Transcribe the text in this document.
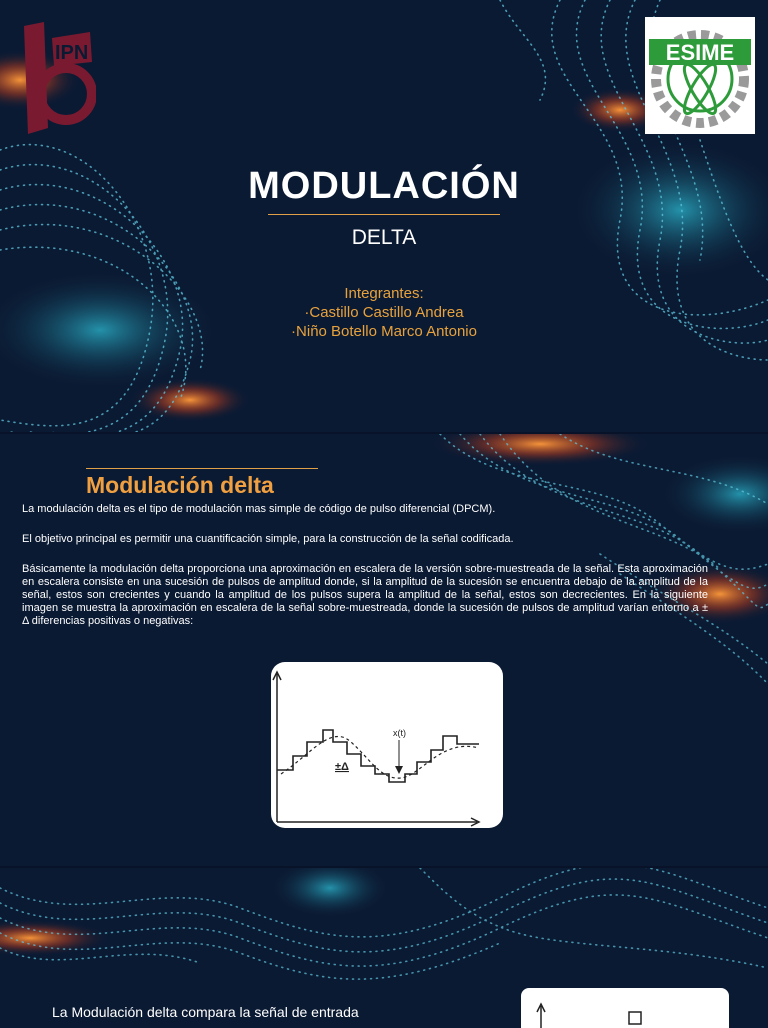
IPN	ESIME
MODULACIÓN
DELTA
Integrantes:
·Castillo Castillo Andrea
·Niño Botello Marco Antonio
Modulación delta
La modulación delta es el tipo de modulación mas simple de código de pulso diferencial (DPCM).
El objetivo principal es permitir una cuantificación simple, para la construcción de la señal codificada.
Básicamente la modulación delta proporciona una aproximación en escalera de la versión sobre-muestreada de la señal. Esta aproximación en escalera consiste en una sucesión de pulsos de amplitud donde, si la amplitud de la sucesión se encuentra debajo de la amplitud de la señal, estos son crecientes y cuando la amplitud de los pulsos supera la amplitud de la señal, estos son decrecientes. En la siguiente imagen se muestra la aproximación en escalera de la señal sobre-muestreada, donde la sucesión de pulsos de amplitud varían entorno a ± Δ diferencias positivas o negativas:
x(t)
±Δ
t
La Modulación delta compara la señal de entrada
